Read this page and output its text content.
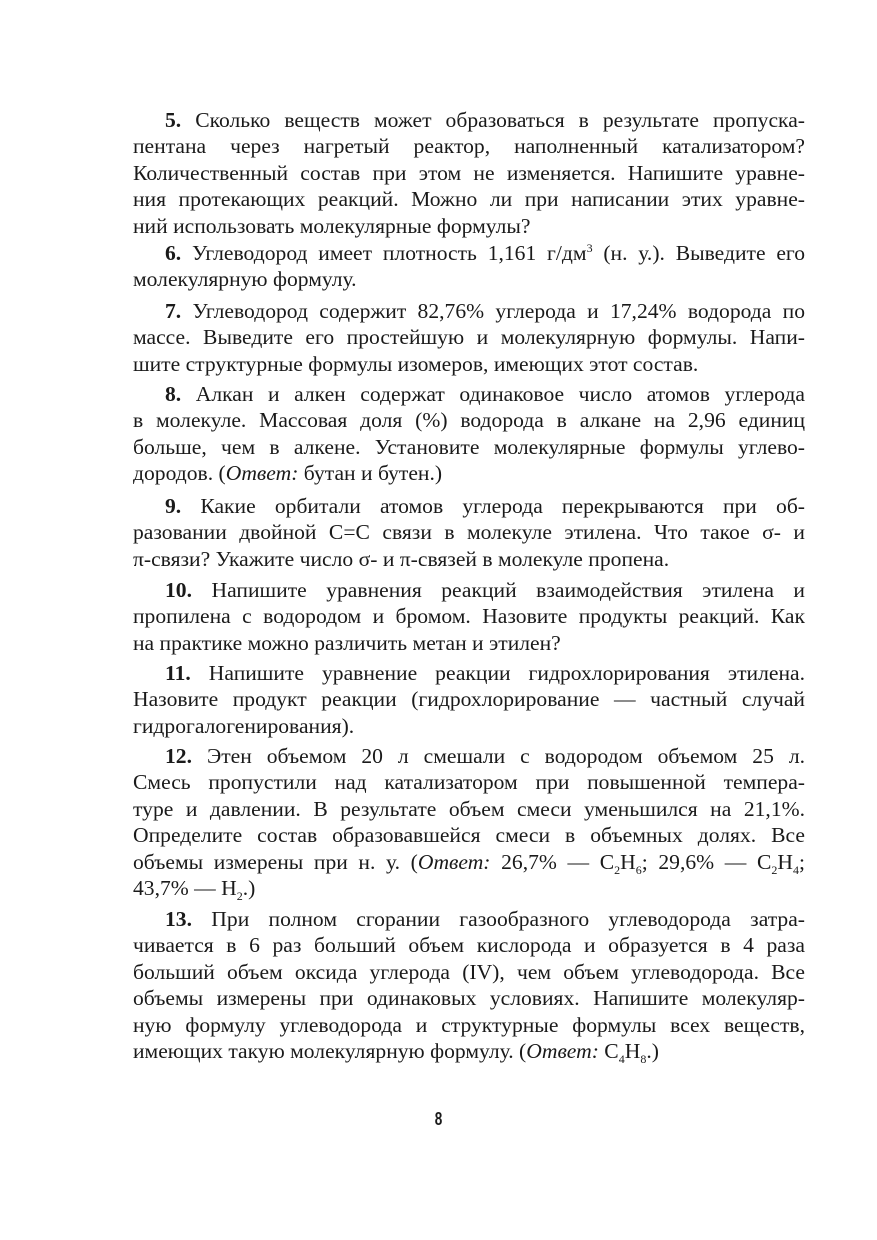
5. Сколько веществ может образоваться в результате пропуска-
пентана через нагретый реактор, наполненный катализатором?
Количественный состав при этом не изменяется. Напишите уравне-
ния протекающих реакций. Можно ли при написании этих уравне-
ний использовать молекулярные формулы?
6. Углеводород имеет плотность 1,161 $г/дм^3$ (н. у.). Выведите его
молекулярную формулу.
7. Углеводород содержит 82,76% углерода и 17,24% водорода по
массе. Выведите его простейшую и молекулярную формулы. Напи-
шите структурные формулы изомеров, имеющих этот состав.
8. Алкан и алкен содержат одинаковое число атомов углерода
в молекуле. Массовая доля (%) водорода в алкане на 2,96 единиц
больше, чем в алкене. Установите молекулярные формулы углево-
дородов. (Ответ: бутан и бутен.)
9. Какие орбитали атомов углерода перекрываются при об-
разовании двойной С=С связи в молекуле этилена. Что такое σ- и
π-связи? Укажите число σ- и π-связей в молекуле пропена.
10. Напишите уравнения реакций взаимодействия этилена и
пропилена с водородом и бромом. Назовите продукты реакций. Как
на практике можно различить метан и этилен?
11. Напишите уравнение реакции гидрохлорирования этилена.
Назовите продукт реакции (гидрохлорирование — частный случай
гидрогалогенирования).
12. Этен объемом 20 л смешали с водородом объемом 25 л.
Смесь пропустили над катализатором при повышенной темпера-
туре и давлении. В результате объем смеси уменьшился на 21,1%.
Определите состав образовавшейся смеси в объемных долях. Все
объемы измерены при н. у. (Ответ: 26,7% — $C_2H_6$; 29,6% — $C_2H_4$;
43,7% — $H_2$.)
13. При полном сгорании газообразного углеводорода затра-
чивается в 6 раз больший объем кислорода и образуется в 4 раза
больший объем оксида углерода (IV), чем объем углеводорода. Все
объемы измерены при одинаковых условиях. Напишите молекуляр-
ную формулу углеводорода и структурные формулы всех веществ,
имеющих такую молекулярную формулу. (Ответ: $C_4H_8$.)
8
